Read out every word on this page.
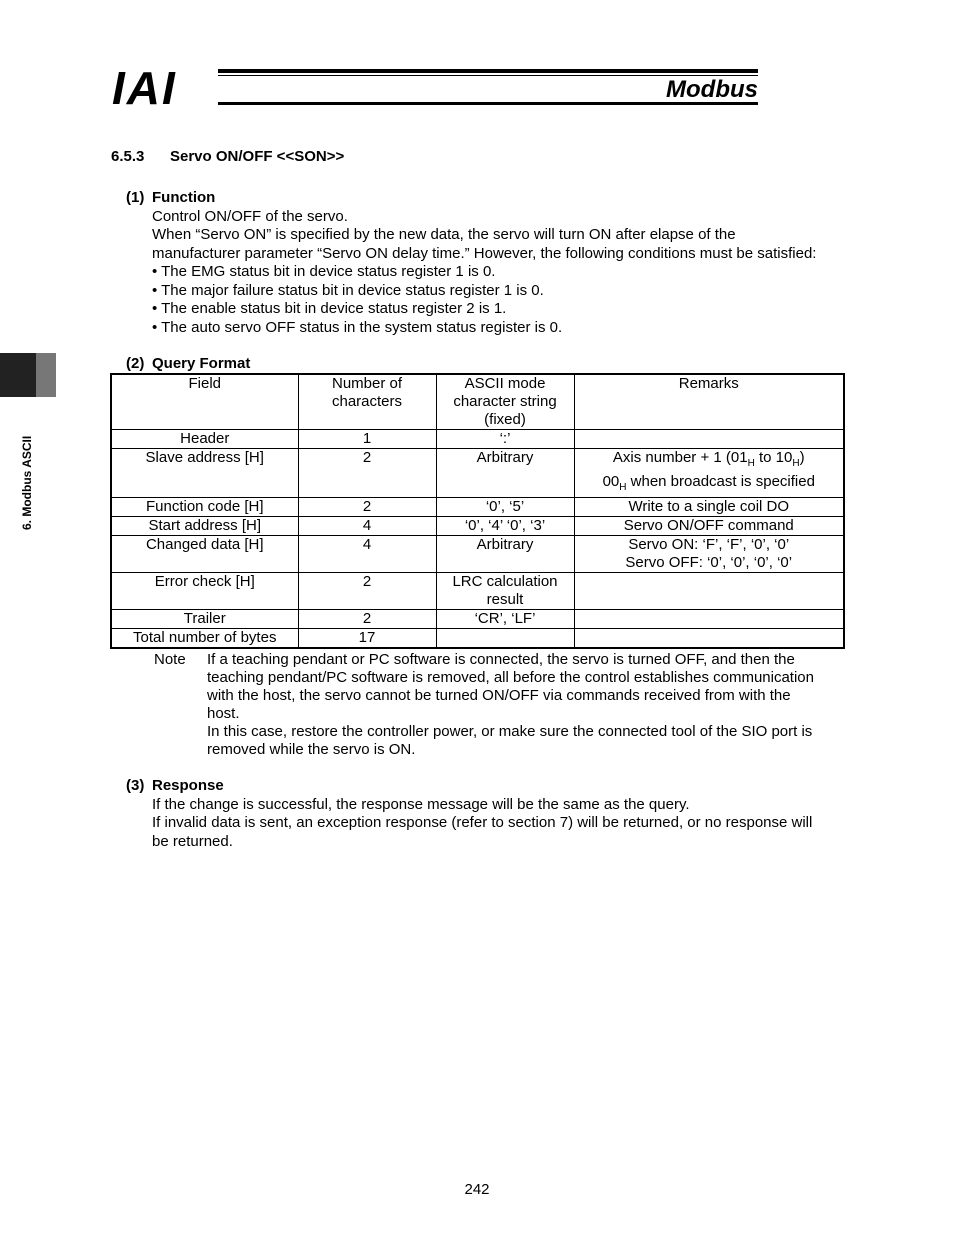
IAI	Modbus
6. Modbus ASCII
6.5.3 Servo ON/OFF <<SON>>
(1) Function
Control ON/OFF of the servo.
When “Servo ON” is specified by the new data, the servo will turn ON after elapse of the
manufacturer parameter “Servo ON delay time.” However, the following conditions must be satisfied:
• The EMG status bit in device status register 1 is 0.
• The major failure status bit in device status register 1 is 0.
• The enable status bit in device status register 2 is 1.
• The auto servo OFF status in the system status register is 0.
(2) Query Format
Field	Number of characters	ASCII mode character string (fixed)	Remarks
Header	1	‘:’	
Slave address [H]	2	Arbitrary	Axis number + 1 ($01_H$ to $10_H$)
$00_H$ when broadcast is specified
Function code [H]	2	‘0’, ‘5’	Write to a single coil DO
Start address [H]	4	‘0’, ‘4’ ‘0’, ‘3’	Servo ON/OFF command
Changed data [H]	4	Arbitrary	Servo ON: ‘F’, ‘F’, ‘0’, ‘0’
Servo OFF: ‘0’, ‘0’, ‘0’, ‘0’
Error check [H]	2	LRC calculation result	
Trailer	2	‘CR’, ‘LF’	
Total number of bytes	17		
Note If a teaching pendant or PC software is connected, the servo is turned OFF, and then the
teaching pendant/PC software is removed, all before the control establishes communication
with the host, the servo cannot be turned ON/OFF via commands received from with the
host.
In this case, restore the controller power, or make sure the connected tool of the SIO port is
removed while the servo is ON.
(3) Response
If the change is successful, the response message will be the same as the query.
If invalid data is sent, an exception response (refer to section 7) will be returned, or no response will
be returned.
242
